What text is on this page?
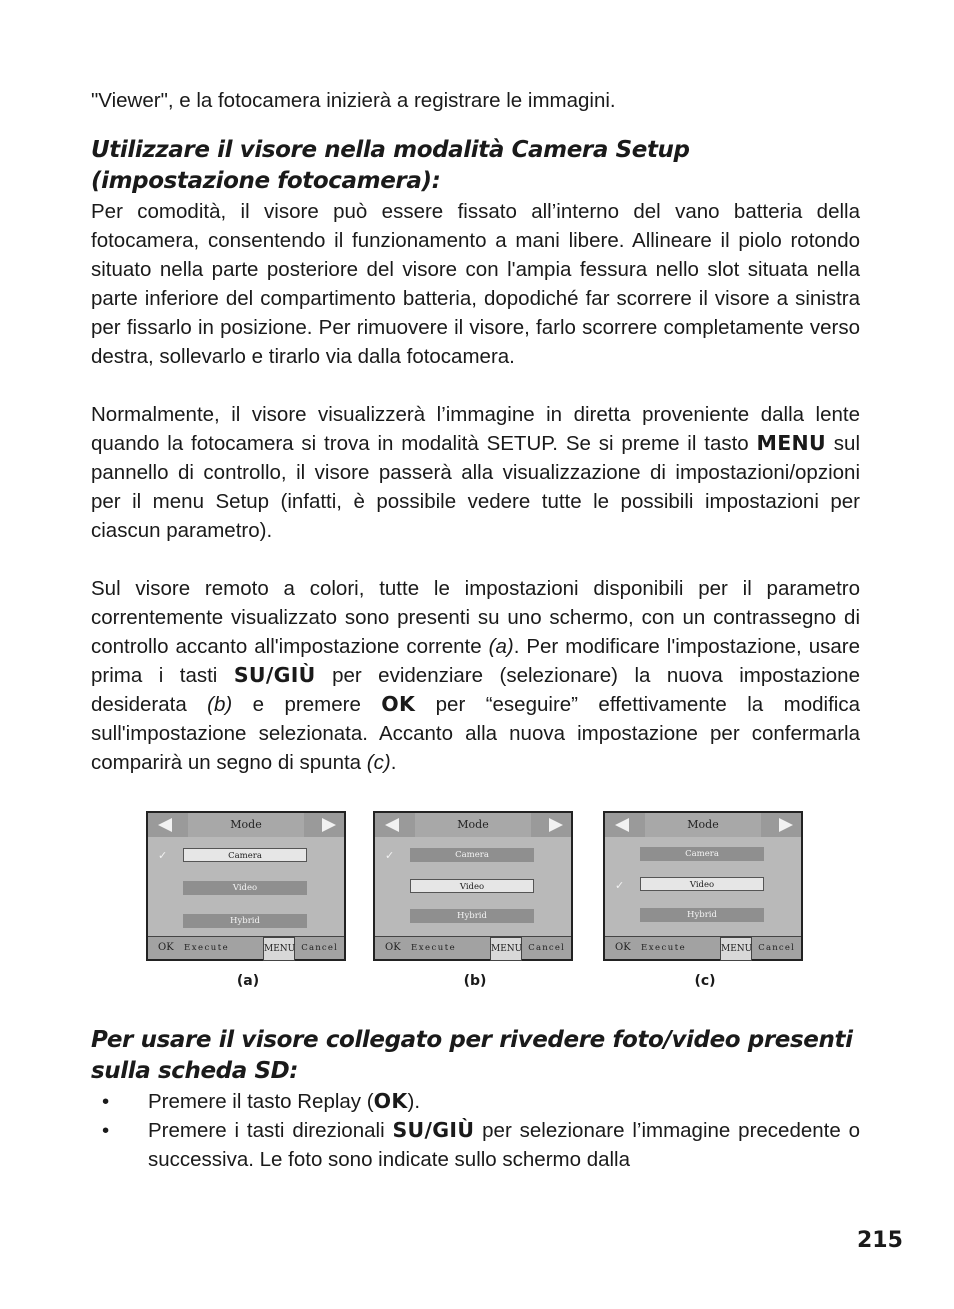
"Viewer", e la fotocamera inizierà a registrare le immagini.

Utilizzare il visore nella modalità Camera Setup (impostazione fotocamera):

Per comodità, il visore può essere fissato all’interno del vano batteria della fotocamera, consentendo il funzionamento a mani libere. Allineare il piolo rotondo situato nella parte posteriore del visore con l'ampia fessura nello slot situata nella parte inferiore del compartimento batteria, dopodiché far scorrere il visore a sinistra per fissarlo in posizione. Per rimuovere il visore, farlo scorrere completamente verso destra, sollevarlo e tirarlo via dalla fotocamera.

Normalmente, il visore visualizzerà l’immagine in diretta proveniente dalla lente quando la fotocamera si trova in modalità SETUP. Se si preme il tasto MENU sul pannello di controllo, il visore passerà alla visualizzazione di impostazioni/opzioni per il menu Setup (infatti, è possibile vedere tutte le possibili impostazioni per ciascun parametro).

Sul visore remoto a colori, tutte le impostazioni disponibili per il parametro correntemente visualizzato sono presenti su uno schermo, con un contrassegno di controllo accanto all'impostazione corrente (a). Per modificare l'impostazione, usare prima i tasti SU/GIÙ per evidenziare (selezionare) la nuova impostazione desiderata (b) e premere OK per “eseguire” effettivamente la modifica sull'impostazione selezionata. Accanto alla nuova impostazione per confermarla comparirà un segno di spunta (c).

Mode
✓	Camera
Video
Hybrid
OK Execute	MENU Cancel
Mode
✓	Camera
Video
Hybrid
OK Execute	MENU Cancel
Mode
Camera
✓	Video
Hybrid
OK Execute	MENU Cancel
(a)	(b)	(c)
Per usare il visore collegato per rivedere foto/video presenti sulla scheda SD:
• Premere il tasto Replay (OK).
• Premere i tasti direzionali SU/GIÙ per selezionare l’immagine precedente o successiva. Le foto sono indicate sullo schermo dalla
215
